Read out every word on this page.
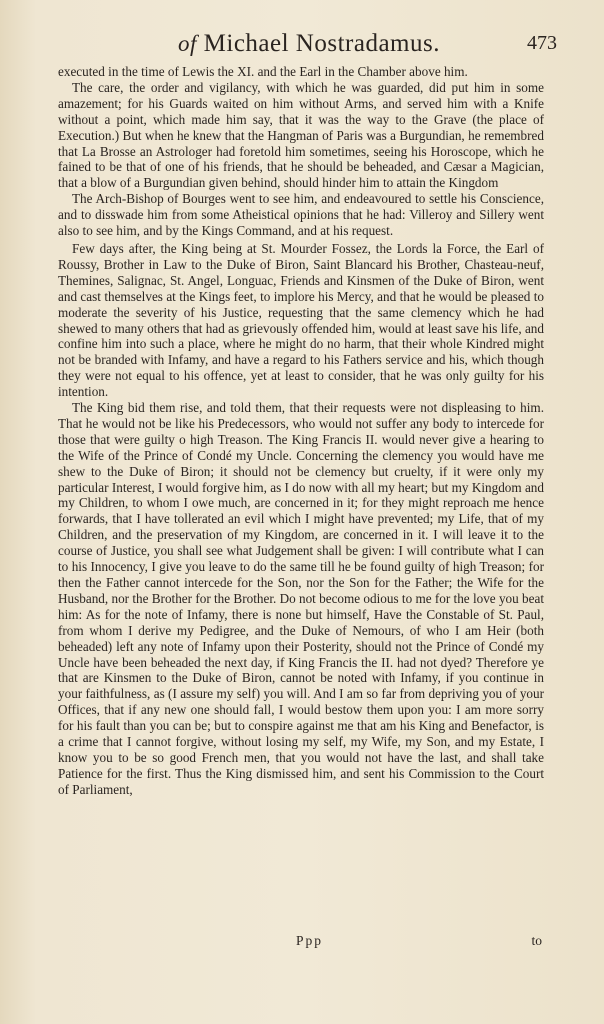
of Michael Nostradamus.	473

executed in the time of Lewis the XI. and the Earl in the Chamber above him.

The care, the order and vigilancy, with which he was guarded, did put him in some amazement; for his Guards waited on him without Arms, and served him with a Knife without a point, which made him say, that it was the way to the Grave (the place of Execution.) But when he knew that the Hangman of Paris was a Burgundian, he remembred that La Brosse an Astrologer had foretold him sometimes, seeing his Horoscope, which he fained to be that of one of his friends, that he should be beheaded, and Cæsar a Magician, that a blow of a Burgundian given behind, should hinder him to attain the Kingdom

The Arch-Bishop of Bourges went to see him, and endeavoured to settle his Conscience, and to disswade him from some Atheistical opinions that he had: Villeroy and Sillery went also to see him, and by the Kings Command, and at his request.

Few days after, the King being at St. Mourder Fossez, the Lords la Force, the Earl of Roussy, Brother in Law to the Duke of Biron, Saint Blancard his Brother, Chasteau-neuf, Themines, Salignac, St. Angel, Longuac, Friends and Kinsmen of the Duke of Biron, went and cast themselves at the Kings feet, to implore his Mercy, and that he would be pleased to moderate the severity of his Justice, requesting that the same clemency which he had shewed to many others that had as grievously offended him, would at least save his life, and confine him into such a place, where he might do no harm, that their whole Kindred might not be branded with Infamy, and have a regard to his Fathers service and his, which though they were not equal to his offence, yet at least to consider, that he was only guilty for his intention.

The King bid them rise, and told them, that their requests were not displeasing to him. That he would not be like his Predecessors, who would not suffer any body to intercede for those that were guilty o high Treason. The King Francis II. would never give a hearing to the Wife of the Prince of Condé my Uncle. Concerning the clemency you would have me shew to the Duke of Biron; it should not be clemency but cruelty, if it were only my particular Interest, I would forgive him, as I do now with all my heart; but my Kingdom and my Children, to whom I owe much, are concerned in it; for they might reproach me hence forwards, that I have tollerated an evil which I might have prevented; my Life, that of my Children, and the preservation of my Kingdom, are concerned in it. I will leave it to the course of Justice, you shall see what Judgement shall be given: I will contribute what I can to his Innocency, I give you leave to do the same till he be found guilty of high Treason; for then the Father cannot intercede for the Son, nor the Son for the Father; the Wife for the Husband, nor the Brother for the Brother. Do not become odious to me for the love you beat him: As for the note of Infamy, there is none but himself, Have the Constable of St. Paul, from whom I derive my Pedigree, and the Duke of Nemours, of who I am Heir (both beheaded) left any note of Infamy upon their Posterity, should not the Prince of Condé my Uncle have been beheaded the next day, if King Francis the II. had not dyed? Therefore ye that are Kinsmen to the Duke of Biron, cannot be noted with Infamy, if you continue in your faithfulness, as (I assure my self) you will. And I am so far from depriving you of your Offices, that if any new one should fall, I would bestow them upon you: I am more sorry for his fault than you can be; but to conspire against me that am his King and Benefactor, is a crime that I cannot forgive, without losing my self, my Wife, my Son, and my Estate, I know you to be so good French men, that you would not have the last, and shall take Patience for the first. Thus the King dismissed him, and sent his Commission to the Court of Parliament,

Ppp	to
